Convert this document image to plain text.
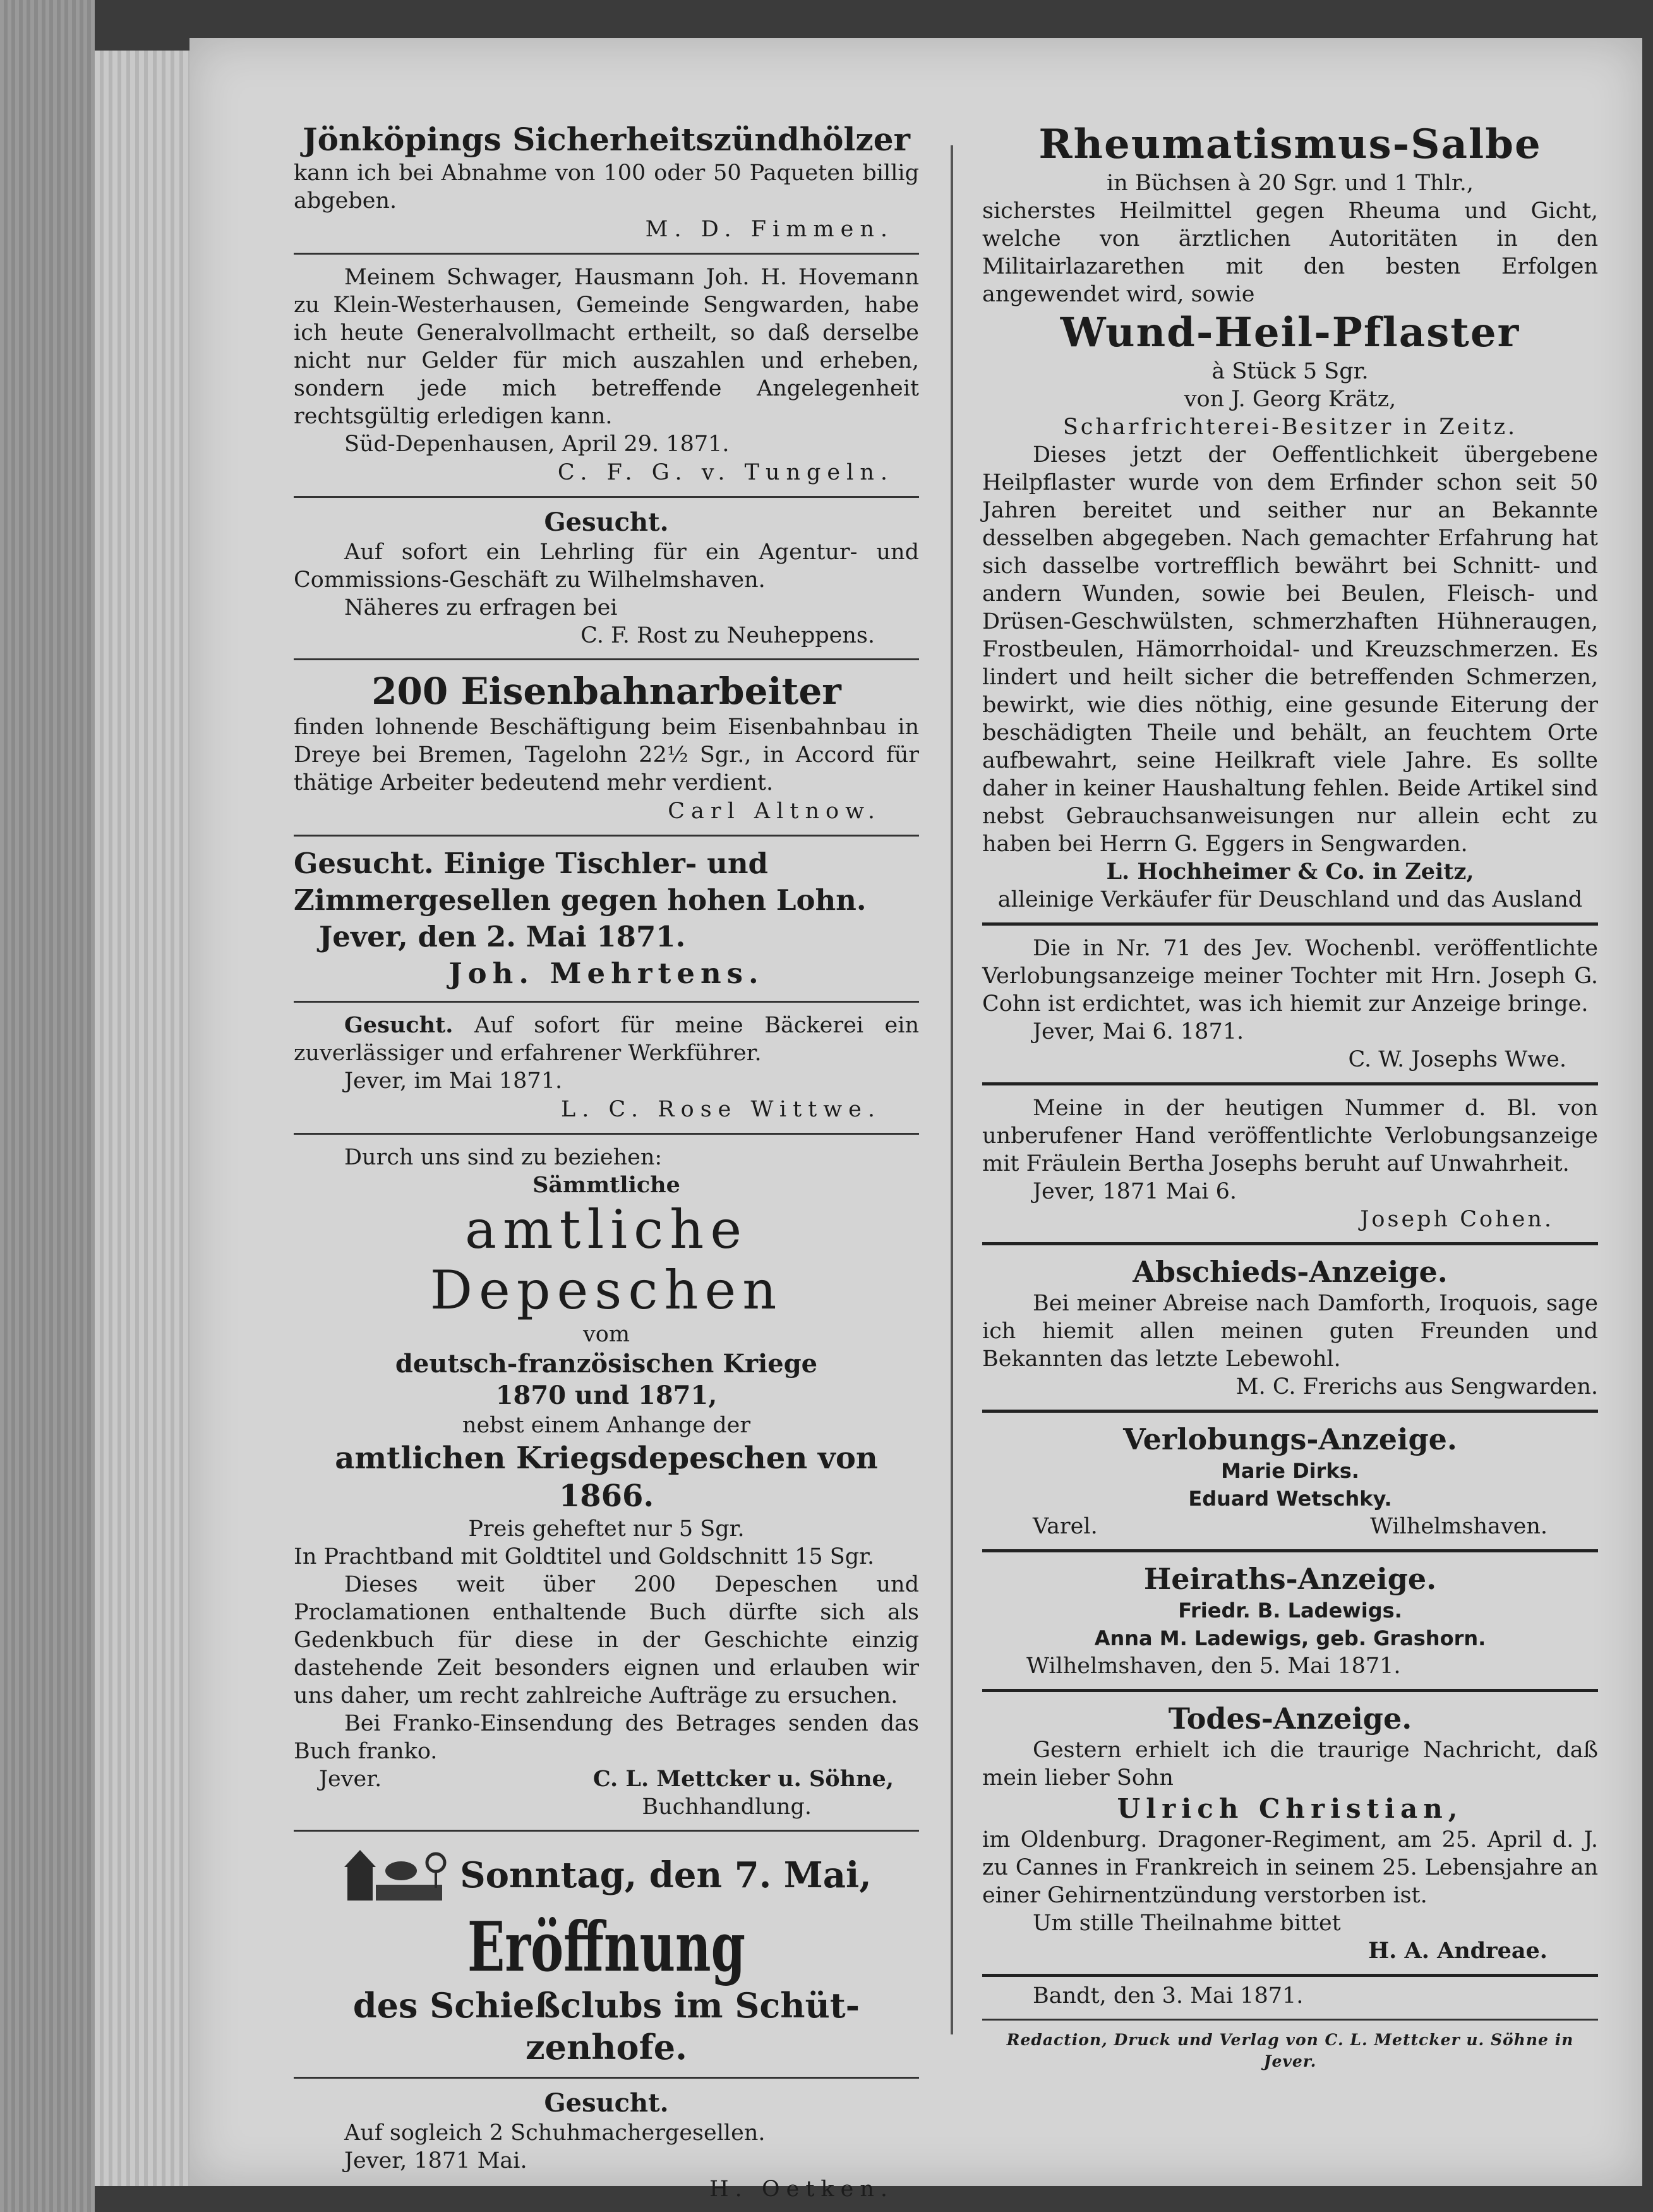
Jönköpings Sicherheitszündhölzer

kann ich bei Abnahme von 100 oder 50 Paqueten billig abgeben.

M. D. Fimmen.

Meinem Schwager, Hausmann Joh. H. Hovemann zu Klein-Westerhausen, Gemeinde Sengwarden, habe ich heute Generalvollmacht ertheilt, so daß derselbe nicht nur Gelder für mich auszahlen und erheben, sondern jede mich betreffende Angelegenheit rechtsgültig erledigen kann.

Süd-Depenhausen, April 29. 1871.

C. F. G. v. Tungeln.

Gesucht.

Auf sofort ein Lehrling für ein Agentur- und Commissions-Geschäft zu Wilhelmshaven.

Näheres zu erfragen bei

C. F. Rost zu Neuheppens.

200 Eisenbahnarbeiter

finden lohnende Beschäftigung beim Eisenbahnbau in Dreye bei Bremen, Tagelohn 22½ Sgr., in Accord für thätige Arbeiter bedeutend mehr verdient.

Carl Altnow.

Gesucht. Einige Tischler- und

Zimmergesellen gegen hohen Lohn.

Jever, den 2. Mai 1871.

Joh. Mehrtens.

Gesucht. Auf sofort für meine Bäckerei ein zuverlässiger und erfahrener Werkführer.

Jever, im Mai 1871.

L. C. Rose Wittwe.

Durch uns sind zu beziehen:

Sämmtliche

amtliche Depeschen

vom

deutsch-französischen Kriege

1870 und 1871,

nebst einem Anhange der

amtlichen Kriegsdepeschen von 1866.

Preis geheftet nur 5 Sgr.

In Prachtband mit Goldtitel und Goldschnitt 15 Sgr.

Dieses weit über 200 Depeschen und Proclamationen enthaltende Buch dürfte sich als Gedenkbuch für diese in der Geschichte einzig dastehende Zeit besonders eignen und erlauben wir uns daher, um recht zahlreiche Aufträge zu ersuchen.

Bei Franko-Einsendung des Betrages senden das Buch franko.

Jever.	C. L. Mettcker u. Söhne,

Buchhandlung.

Sonntag, den 7. Mai,

Eröffnung

des Schießclubs im Schüt-

zenhofe.

Gesucht.

Auf sogleich 2 Schuhmachergesellen.

Jever, 1871 Mai.

H. Oetken.

Rheumatismus-Salbe

in Büchsen à 20 Sgr. und 1 Thlr.,

sicherstes Heilmittel gegen Rheuma und Gicht, welche von ärztlichen Autoritäten in den Militairlazarethen mit den besten Erfolgen angewendet wird, sowie

Wund-Heil-Pflaster

à Stück 5 Sgr.

von J. Georg Krätz,

Scharfrichterei-Besitzer in Zeitz.

Dieses jetzt der Oeffentlichkeit übergebene Heilpflaster wurde von dem Erfinder schon seit 50 Jahren bereitet und seither nur an Bekannte desselben abgegeben. Nach gemachter Erfahrung hat sich dasselbe vortrefflich bewährt bei Schnitt- und andern Wunden, sowie bei Beulen, Fleisch- und Drüsen-Geschwülsten, schmerzhaften Hühneraugen, Frostbeulen, Hämorrhoidal- und Kreuzschmerzen. Es lindert und heilt sicher die betreffenden Schmerzen, bewirkt, wie dies nöthig, eine gesunde Eiterung der beschädigten Theile und behält, an feuchtem Orte aufbewahrt, seine Heilkraft viele Jahre. Es sollte daher in keiner Haushaltung fehlen. Beide Artikel sind nebst Gebrauchsanweisungen nur allein echt zu haben bei Herrn G. Eggers in Sengwarden.

L. Hochheimer & Co. in Zeitz,

alleinige Verkäufer für Deuschland und das Ausland

Die in Nr. 71 des Jev. Wochenbl. veröffentlichte Verlobungsanzeige meiner Tochter mit Hrn. Joseph G. Cohn ist erdichtet, was ich hiemit zur Anzeige bringe.

Jever, Mai 6. 1871.

C. W. Josephs Wwe.

Meine in der heutigen Nummer d. Bl. von unberufener Hand veröffentlichte Verlobungsanzeige mit Fräulein Bertha Josephs beruht auf Unwahrheit.

Jever, 1871 Mai 6.

Joseph Cohen.

Abschieds-Anzeige.

Bei meiner Abreise nach Damforth, Iroquois, sage ich hiemit allen meinen guten Freunden und Bekannten das letzte Lebewohl.

M. C. Frerichs aus Sengwarden.

Verlobungs-Anzeige.

Marie Dirks.

Eduard Wetschky.

Varel.	Wilhelmshaven.

Heiraths-Anzeige.

Friedr. B. Ladewigs.

Anna M. Ladewigs, geb. Grashorn.

Wilhelmshaven, den 5. Mai 1871.

Todes-Anzeige.

Gestern erhielt ich die traurige Nachricht, daß mein lieber Sohn

Ulrich Christian,

im Oldenburg. Dragoner-Regiment, am 25. April d. J. zu Cannes in Frankreich in seinem 25. Lebensjahre an einer Gehirnentzündung verstorben ist.

Um stille Theilnahme bittet

H. A. Andreae.

Bandt, den 3. Mai 1871.

Redaction, Druck und Verlag von C. L. Mettcker u. Söhne in Jever.
